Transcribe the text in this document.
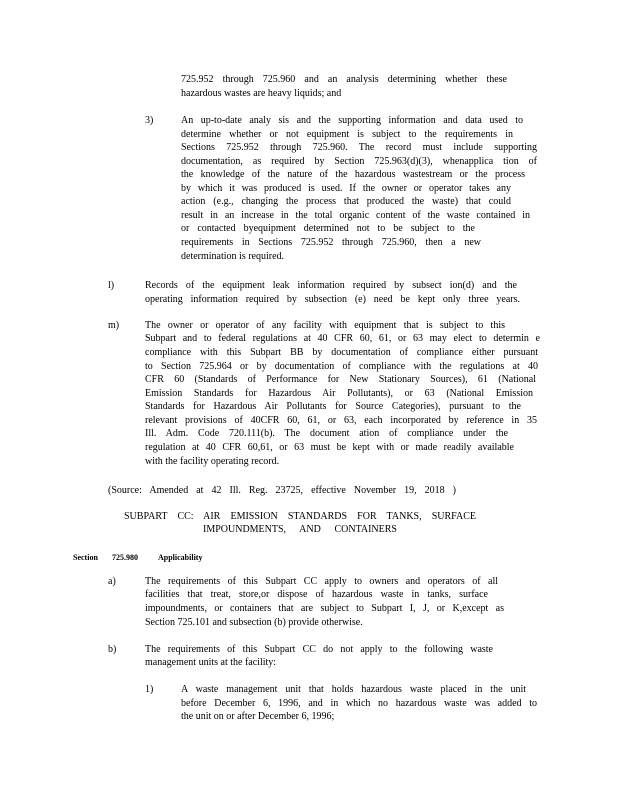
725.952 through 725.960 and an analysis determining whether these
hazardous wastes are heavy liquids; and
3)	An up-to-date analy sis and the supporting information and data used to
determine whether or not equipment is subject to the requirements in
Sections 725.952 through 725.960. The record must include supporting
documentation, as required by Section 725.963(d)(3), whenapplica tion of
the knowledge of the nature of the hazardous wastestream or the process
by which it was produced is used. If the owner or operator takes any
action (e.g., changing the process that produced the waste) that could
result in an increase in the total organic content of the waste contained in
or contacted byequipment determined not to be subject to the
requirements in Sections 725.952 through 725.960, then a new
determination is required.
l)	Records of the equipment leak information required by subsect ion(d) and the
operating information required by subsection (e) need be kept only three years.
m)	The owner or operator of any facility with equipment that is subject to this
Subpart and to federal regulations at 40 CFR 60, 61, or 63 may elect to determin e
compliance with this Subpart BB by documentation of compliance either pursuant
to Section 725.964 or by documentation of compliance with the regulations at 40
CFR 60 (Standards of Performance for New Stationary Sources), 61 (National
Emission Standards for Hazardous Air Pollutants), or 63 (National Emission
Standards for Hazardous Air Pollutants for Source Categories), pursuant to the
relevant provisions of 40CFR 60, 61, or 63, each incorporated by reference in 35
Ill. Adm. Code 720.111(b). The document ation of compliance under the
regulation at 40 CFR 60,61, or 63 must be kept with or made readily available
with the facility operating record.
(Source: Amended at 42 Ill. Reg. 23725, effective November 19, 2018 )
SUBPART CC: AIR EMISSION STANDARDS FOR TANKS, SURFACE
IMPOUNDMENTS, AND CONTAINERS
Section 725.980	Applicability
a)	The requirements of this Subpart CC apply to owners and operators of all
facilities that treat, store,or dispose of hazardous waste in tanks, surface
impoundments, or containers that are subject to Subpart I, J, or K,except as
Section 725.101 and subsection (b) provide otherwise.
b)	The requirements of this Subpart CC do not apply to the following waste
management units at the facility:
1)	A waste management unit that holds hazardous waste placed in the unit
before December 6, 1996, and in which no hazardous waste was added to
the unit on or after December 6, 1996;
